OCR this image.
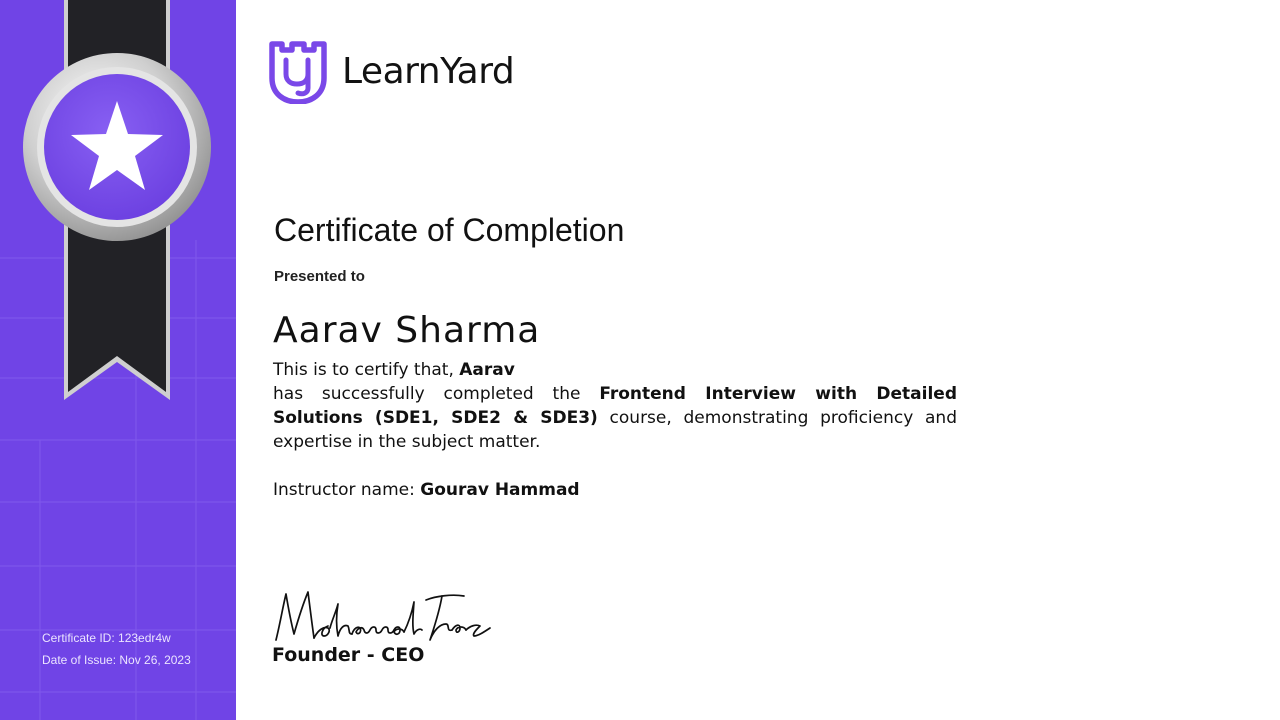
Certificate ID: 123edr4w
Date of Issue: Nov 26, 2023
LearnYard
Certificate of Completion
Presented to
Aarav Sharma

This is to certify that, Aarav

has successfully completed the Frontend Interview with Detailed Solutions (SDE1, SDE2 & SDE3) course, demonstrating proficiency and expertise in the subject matter.

Instructor name: Gourav Hammad

Founder - CEO
